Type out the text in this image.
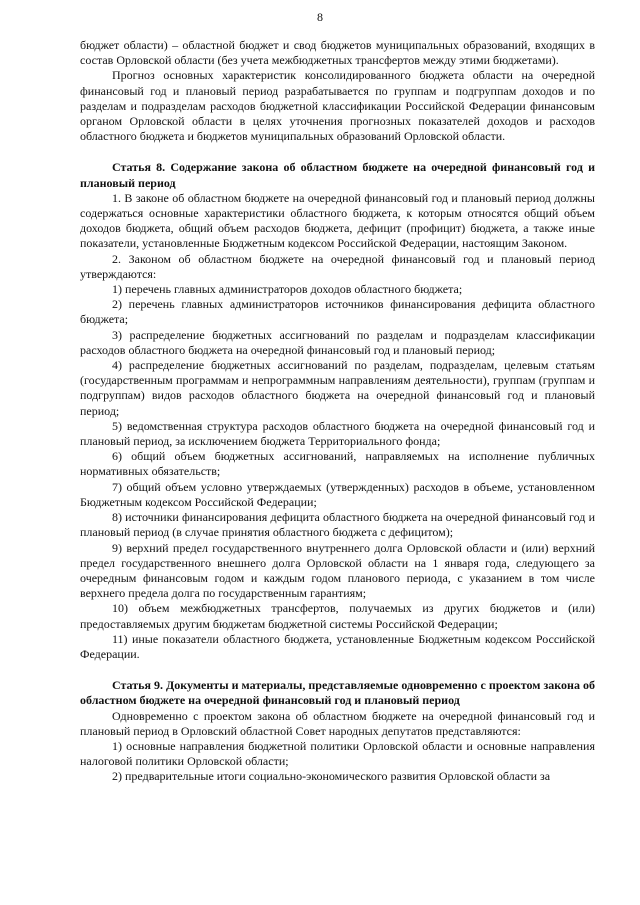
8

бюджет области) – областной бюджет и свод бюджетов муниципальных образований, входящих в состав Орловской области (без учета межбюджетных трансфертов между этими бюджетами).

Прогноз основных характеристик консолидированного бюджета области на очередной финансовый год и плановый период разрабатывается по группам и подгруппам доходов и по разделам и подразделам расходов бюджетной классификации Российской Федерации финансовым органом Орловской области в целях уточнения прогнозных показателей доходов и расходов областного бюджета и бюджетов муниципальных образований Орловской области.

Статья 8. Содержание закона об областном бюджете на очередной финансовый год и плановый период

1. В законе об областном бюджете на очередной финансовый год и плановый период должны содержаться основные характеристики областного бюджета, к которым относятся общий объем доходов бюджета, общий объем расходов бюджета, дефицит (профицит) бюджета, а также иные показатели, установленные Бюджетным кодексом Российской Федерации, настоящим Законом.

2. Законом об областном бюджете на очередной финансовый год и плановый период утверждаются:

1) перечень главных администраторов доходов областного бюджета;

2) перечень главных администраторов источников финансирования дефицита областного бюджета;

3) распределение бюджетных ассигнований по разделам и подразделам классификации расходов областного бюджета на очередной финансовый год и плановый период;

4) распределение бюджетных ассигнований по разделам, подразделам, целевым статьям (государственным программам и непрограммным направлениям деятельности), группам (группам и подгруппам) видов расходов областного бюджета на очередной финансовый год и плановый период;

5) ведомственная структура расходов областного бюджета на очередной финансовый год и плановый период, за исключением бюджета Территориального фонда;

6) общий объем бюджетных ассигнований, направляемых на исполнение публичных нормативных обязательств;

7) общий объем условно утверждаемых (утвержденных) расходов в объеме, установленном Бюджетным кодексом Российской Федерации;

8) источники финансирования дефицита областного бюджета на очередной финансовый год и плановый период (в случае принятия областного бюджета с дефицитом);

9) верхний предел государственного внутреннего долга Орловской области и (или) верхний предел государственного внешнего долга Орловской области на 1 января года, следующего за очередным финансовым годом и каждым годом планового периода, с указанием в том числе верхнего предела долга по государственным гарантиям;

10) объем межбюджетных трансфертов, получаемых из других бюджетов и (или) предоставляемых другим бюджетам бюджетной системы Российской Федерации;

11) иные показатели областного бюджета, установленные Бюджетным кодексом Российской Федерации.

Статья 9. Документы и материалы, представляемые одновременно с проектом закона об областном бюджете на очередной финансовый год и плановый период

Одновременно с проектом закона об областном бюджете на очередной финансовый год и плановый период в Орловский областной Совет народных депутатов представляются:

1) основные направления бюджетной политики Орловской области и основные направления налоговой политики Орловской области;

2) предварительные итоги социально-экономического развития Орловской области за
